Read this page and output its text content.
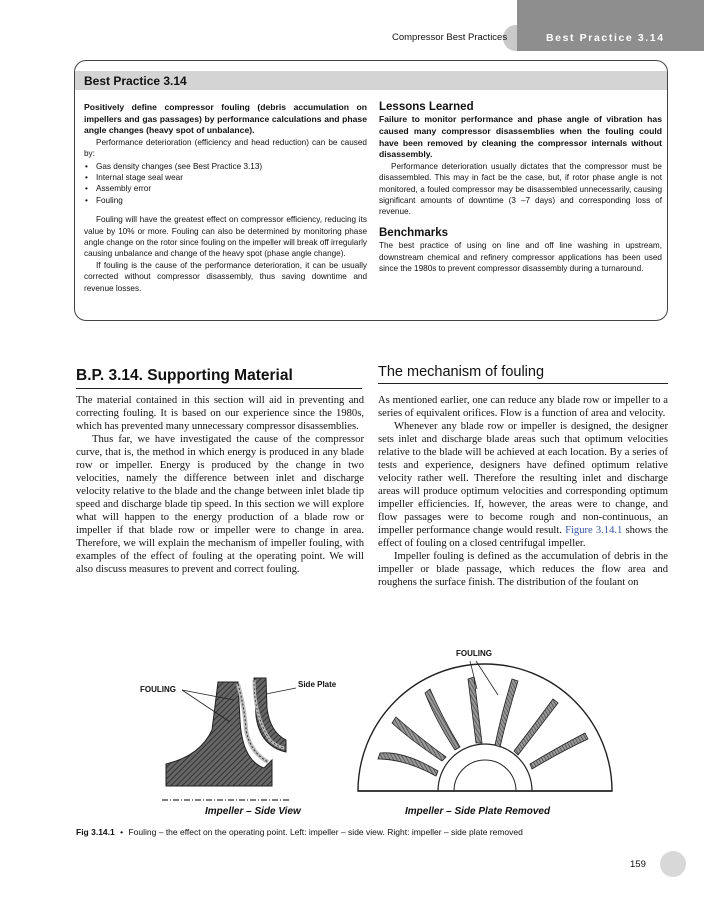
Compressor Best Practices	Best Practice 3.14
Best Practice 3.14

Positively define compressor fouling (debris accumulation on impellers and gas passages) by performance calculations and phase angle changes (heavy spot of unbalance).

Performance deterioration (efficiency and head reduction) can be caused by:

• Gas density changes (see Best Practice 3.13)
• Internal stage seal wear
• Assembly error
• Fouling

Fouling will have the greatest effect on compressor efficiency, reducing its value by 10% or more. Fouling can also be determined by monitoring phase angle change on the rotor since fouling on the impeller will break off irregularly causing unbalance and change of the heavy spot (phase angle change).

If fouling is the cause of the performance deterioration, it can be usually corrected without compressor disassembly, thus saving downtime and revenue losses.

Lessons Learned

Failure to monitor performance and phase angle of vibration has caused many compressor disassemblies when the fouling could have been removed by cleaning the compressor internals without disassembly.

Performance deterioration usually dictates that the compressor must be disassembled. This may in fact be the case, but, if rotor phase angle is not monitored, a fouled compressor may be disassembled unnecessarily, causing significant amounts of downtime (3 –7 days) and corresponding loss of revenue.

Benchmarks

The best practice of using on line and off line washing in upstream, downstream chemical and refinery compressor applications has been used since the 1980s to prevent compressor disassembly during a turnaround.

B.P. 3.14. Supporting Material	The mechanism of fouling

The material contained in this section will aid in preventing and correcting fouling. It is based on our experience since the 1980s, which has prevented many unnecessary compressor disassemblies.

Thus far, we have investigated the cause of the compressor curve, that is, the method in which energy is produced in any blade row or impeller. Energy is produced by the change in two velocities, namely the difference between inlet and discharge velocity relative to the blade and the change between inlet blade tip speed and discharge blade tip speed. In this section we will explore what will happen to the energy production of a blade row or impeller if that blade row or impeller were to change in area. Therefore, we will explain the mechanism of impeller fouling, with examples of the effect of fouling at the operating point. We will also discuss measures to prevent and correct fouling.

As mentioned earlier, one can reduce any blade row or impeller to a series of equivalent orifices. Flow is a function of area and velocity.

Whenever any blade row or impeller is designed, the designer sets inlet and discharge blade areas such that optimum velocities relative to the blade will be achieved at each location. By a series of tests and experience, designers have defined optimum relative velocity rather well. Therefore the resulting inlet and discharge areas will produce optimum velocities and corresponding optimum impeller efficiencies. If, however, the areas were to change, and flow passages were to become rough and non-continuous, an impeller performance change would result. Figure 3.14.1 shows the effect of fouling on a closed centrifugal impeller.

Impeller fouling is defined as the accumulation of debris in the impeller or blade passage, which reduces the flow area and roughens the surface finish. The distribution of the foulant on

FOULING
Side Plate
Impeller – Side View
FOULING
Impeller – Side Plate Removed
Fig 3.14.1 • Fouling – the effect on the operating point. Left: impeller – side view. Right: impeller – side plate removed
159
